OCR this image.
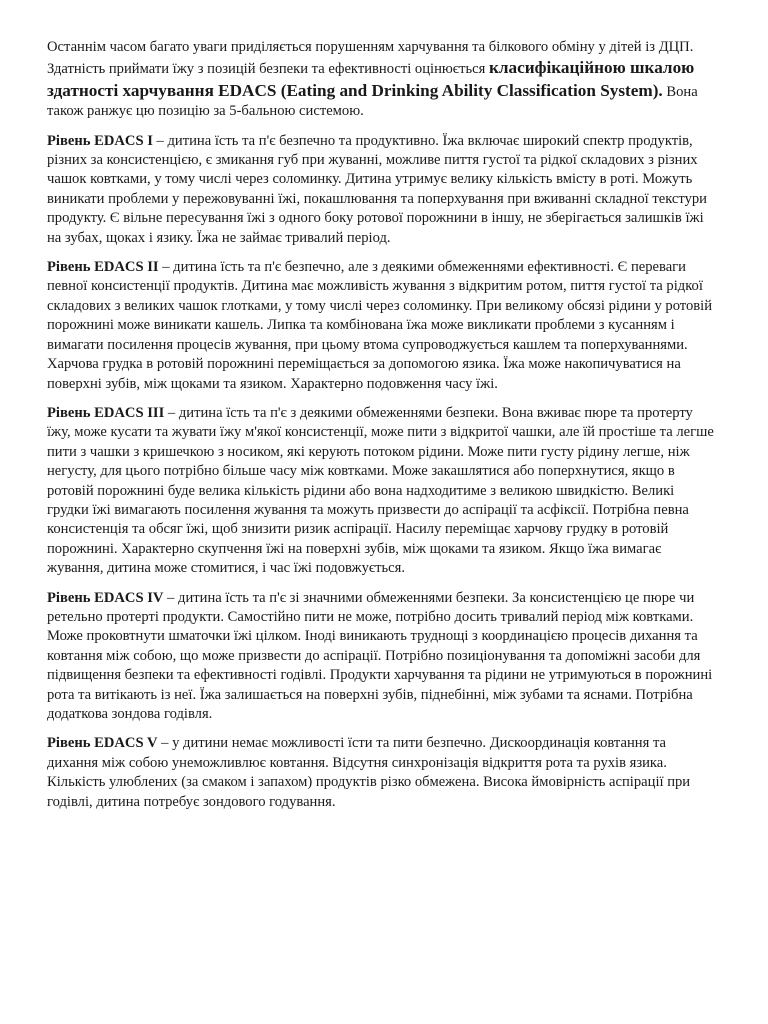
Останнім часом багато уваги приділяється порушенням харчування та білкового обміну у дітей із ДЦП. Здатність приймати їжу з позицій безпеки та ефективності оцінюється класифікаційною шкалою здатності харчування EDACS (Eating and Drinking Ability Classification System). Вона також ранжує цю позицію за 5-бальною системою.

Рівень EDACS I – дитина їсть та п'є безпечно та продуктивно. Їжа включає широкий спектр продуктів, різних за консистенцією, є змикання губ при жуванні, можливе пиття густої та рідкої складових з різних чашок ковтками, у тому числі через соломинку. Дитина утримує велику кількість вмісту в роті. Можуть виникати проблеми у пережовуванні їжі, покашлювання та поперхування при вживанні складної текстури продукту. Є вільне пересування їжі з одного боку ротової порожнини в іншу, не зберігається залишків їжі на зубах, щоках і язику. Їжа не займає тривалий період.

Рівень EDACS II – дитина їсть та п'є безпечно, але з деякими обмеженнями ефективності. Є переваги певної консистенції продуктів. Дитина має можливість жування з відкритим ротом, пиття густої та рідкої складових з великих чашок глотками, у тому числі через соломинку. При великому обсязі рідини у ротовій порожнині може виникати кашель. Липка та комбінована їжа може викликати проблеми з кусанням і вимагати посилення процесів жування, при цьому втома супроводжується кашлем та поперхуваннями. Харчова грудка в ротовій порожнині переміщається за допомогою язика. Їжа може накопичуватися на поверхні зубів, між щоками та язиком. Характерно подовження часу їжі.

Рівень EDACS III – дитина їсть та п'є з деякими обмеженнями безпеки. Вона вживає пюре та протерту їжу, може кусати та жувати їжу м'якої консистенції, може пити з відкритої чашки, але їй простіше та легше пити з чашки з кришечкою з носиком, які керують потоком рідини. Може пити густу рідину легше, ніж негусту, для цього потрібно більше часу між ковтками. Може закашлятися або поперхнутися, якщо в ротовій порожнині буде велика кількість рідини або вона надходитиме з великою швидкістю. Великі грудки їжі вимагають посилення жування та можуть призвести до аспірації та асфіксії. Потрібна певна консистенція та обсяг їжі, щоб знизити ризик аспірації. Насилу переміщає харчову грудку в ротовій порожнині. Характерно скупчення їжі на поверхні зубів, між щоками та язиком. Якщо їжа вимагає жування, дитина може стомитися, і час їжі подовжується.

Рівень EDACS IV – дитина їсть та п'є зі значними обмеженнями безпеки. За консистенцією це пюре чи ретельно протерті продукти. Самостійно пити не може, потрібно досить тривалий період між ковтками. Може проковтнути шматочки їжі цілком. Іноді виникають труднощі з координацією процесів дихання та ковтання між собою, що може призвести до аспірації. Потрібно позиціонування та допоміжні засоби для підвищення безпеки та ефективності годівлі. Продукти харчування та рідини не утримуються в порожнині рота та витікають із неї. Їжа залишається на поверхні зубів, піднебінні, між зубами та яснами. Потрібна додаткова зондова годівля.

Рівень EDACS V – у дитини немає можливості їсти та пити безпечно. Дискоординація ковтання та дихання між собою унеможливлює ковтання. Відсутня синхронізація відкриття рота та рухів язика. Кількість улюблених (за смаком і запахом) продуктів різко обмежена. Висока ймовірність аспірації при годівлі, дитина потребує зондового годування.
